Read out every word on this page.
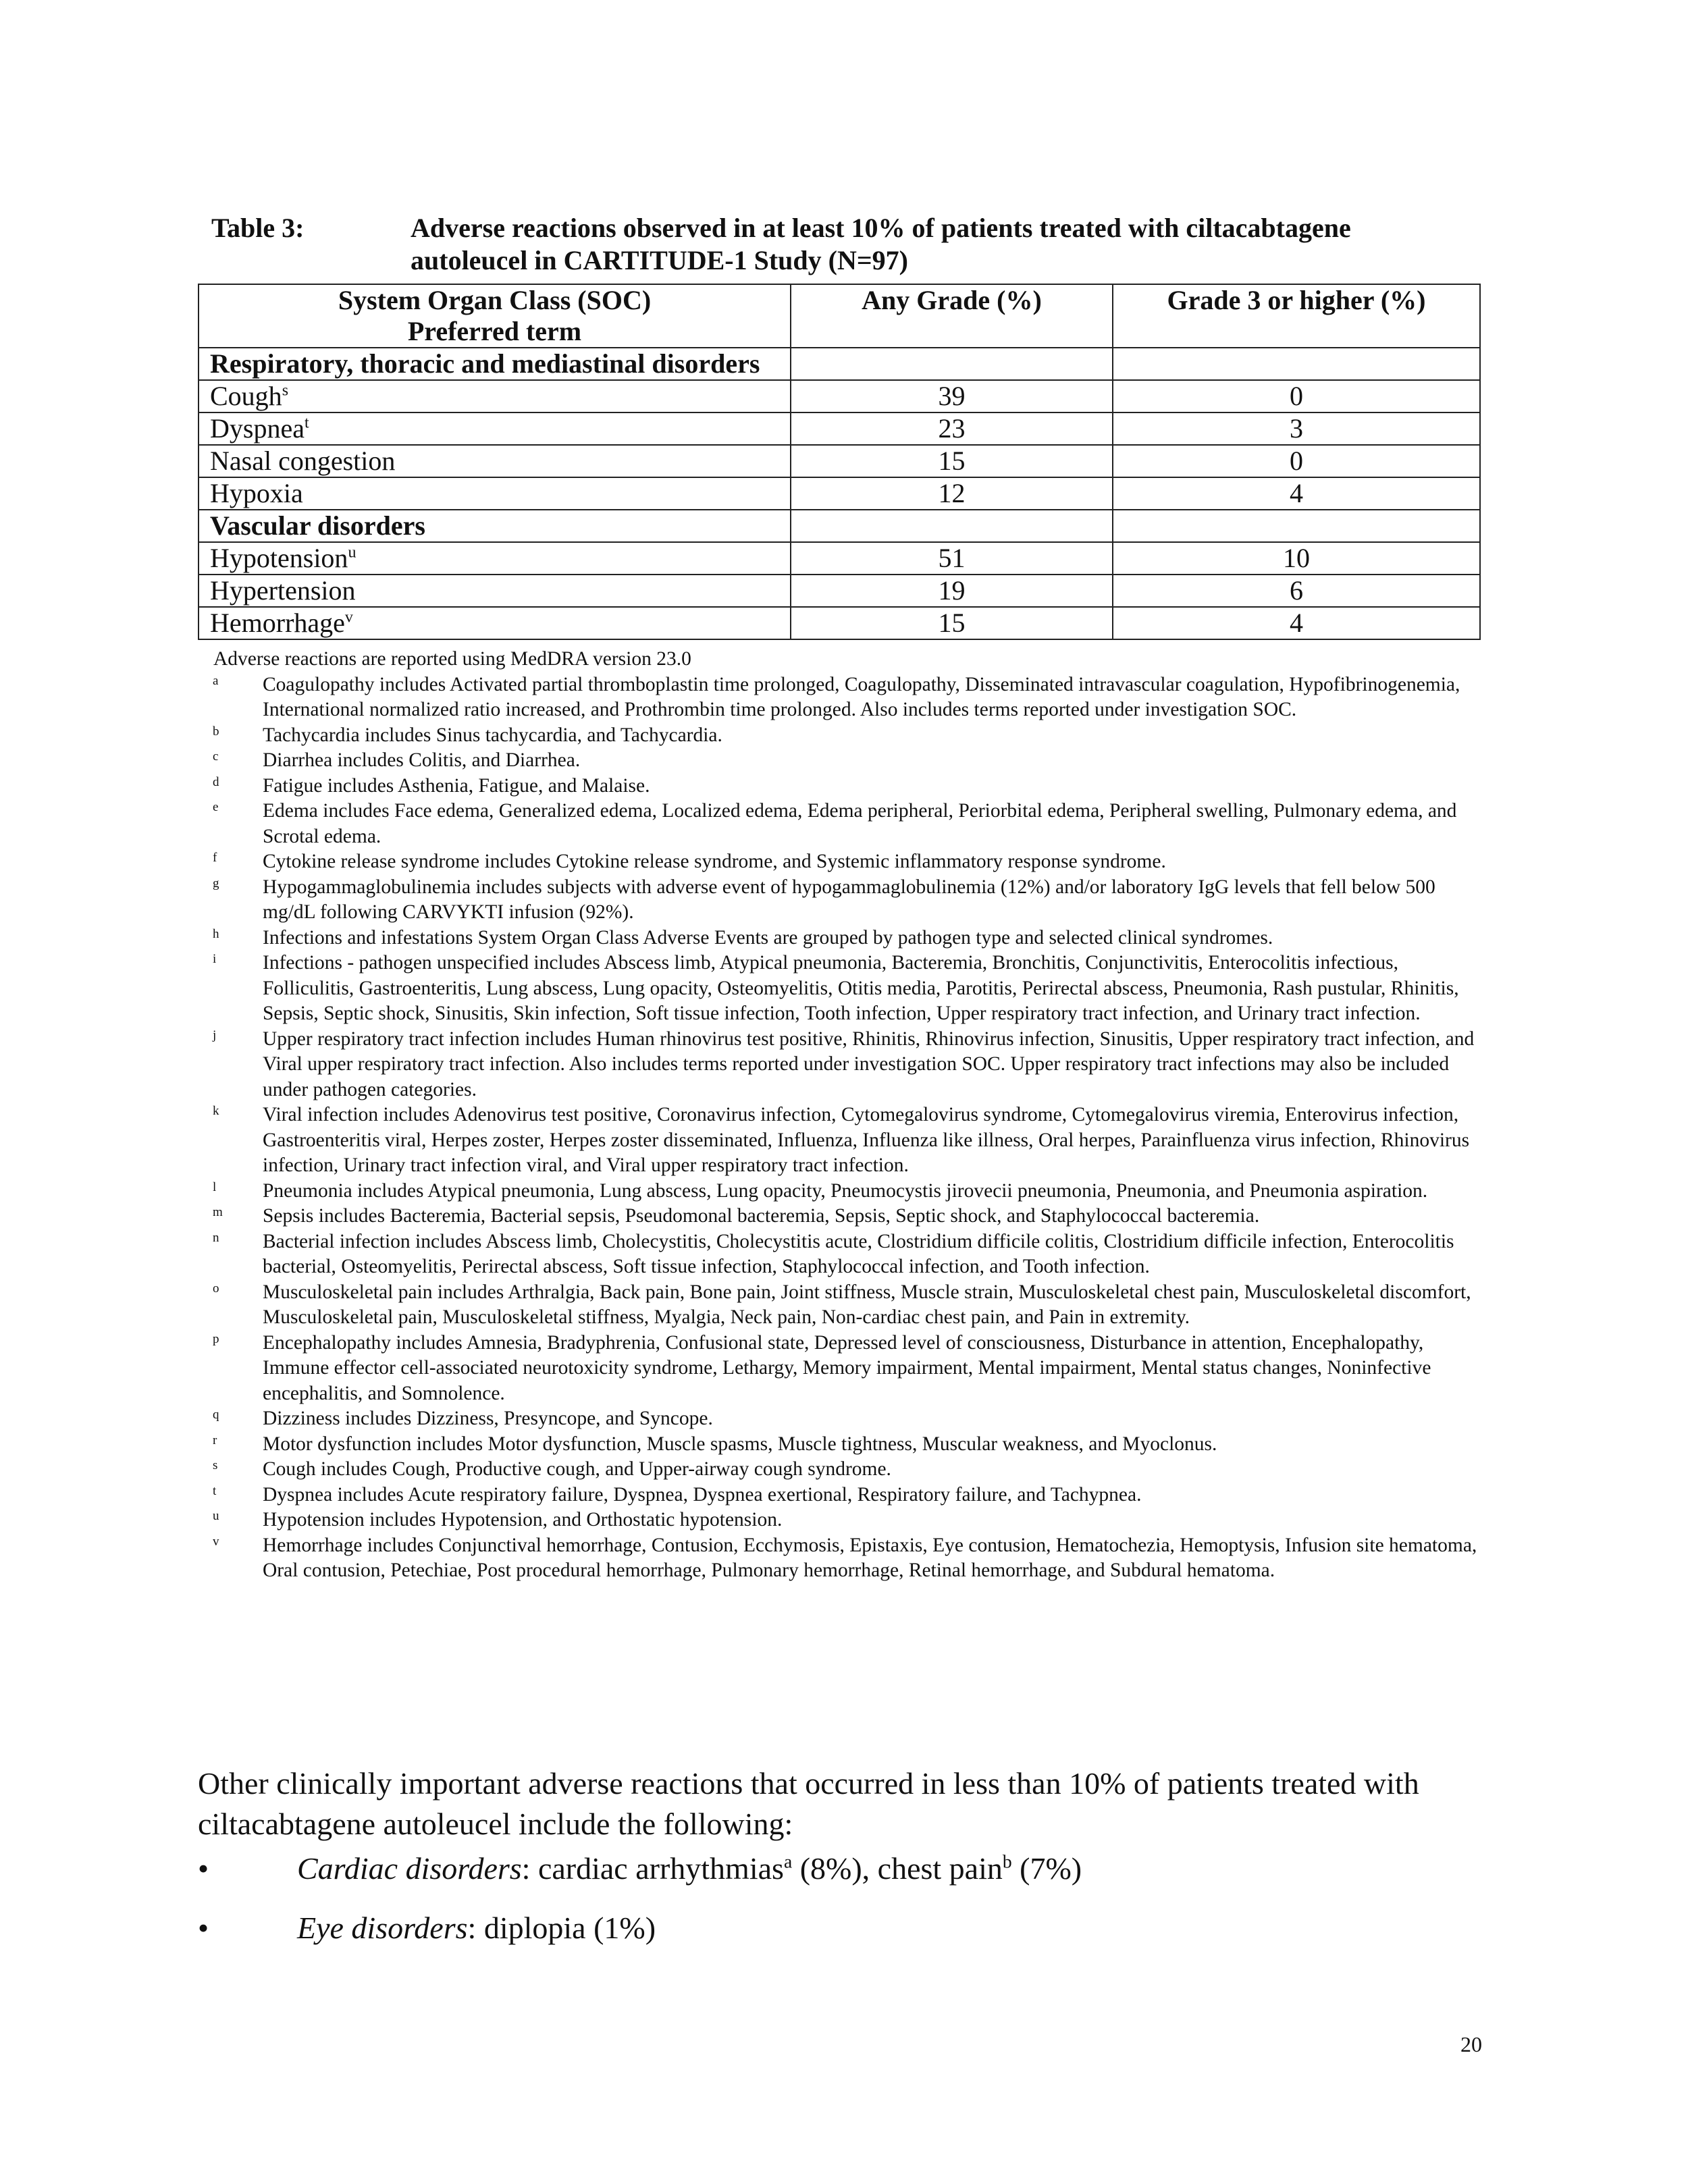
Table 3:	Adverse reactions observed in at least 10% of patients treated with ciltacabtagene autoleucel in CARTITUDE-1 Study (N=97)
System Organ Class (SOC)
Preferred term	Any Grade (%)	Grade 3 or higher (%)
Respiratory, thoracic and mediastinal disorders		
Cough$^s$	39	0
Dyspnea$^t$	23	3
Nasal congestion	15	0
Hypoxia	12	4
Vascular disorders		
Hypotension$^u$	51	10
Hypertension	19	6
Hemorrhage$^v$	15	4
Adverse reactions are reported using MedDRA version 23.0
a Coagulopathy includes Activated partial thromboplastin time prolonged, Coagulopathy, Disseminated intravascular coagulation, Hypofibrinogenemia, International normalized ratio increased, and Prothrombin time prolonged. Also includes terms reported under investigation SOC.
b Tachycardia includes Sinus tachycardia, and Tachycardia.
c Diarrhea includes Colitis, and Diarrhea.
d Fatigue includes Asthenia, Fatigue, and Malaise.
e Edema includes Face edema, Generalized edema, Localized edema, Edema peripheral, Periorbital edema, Peripheral swelling, Pulmonary edema, and Scrotal edema.
f Cytokine release syndrome includes Cytokine release syndrome, and Systemic inflammatory response syndrome.
g Hypogammaglobulinemia includes subjects with adverse event of hypogammaglobulinemia (12%) and/or laboratory IgG levels that fell below 500 mg/dL following CARVYKTI infusion (92%).
h Infections and infestations System Organ Class Adverse Events are grouped by pathogen type and selected clinical syndromes.
i Infections - pathogen unspecified includes Abscess limb, Atypical pneumonia, Bacteremia, Bronchitis, Conjunctivitis, Enterocolitis infectious, Folliculitis, Gastroenteritis, Lung abscess, Lung opacity, Osteomyelitis, Otitis media, Parotitis, Perirectal abscess, Pneumonia, Rash pustular, Rhinitis, Sepsis, Septic shock, Sinusitis, Skin infection, Soft tissue infection, Tooth infection, Upper respiratory tract infection, and Urinary tract infection.
j Upper respiratory tract infection includes Human rhinovirus test positive, Rhinitis, Rhinovirus infection, Sinusitis, Upper respiratory tract infection, and Viral upper respiratory tract infection. Also includes terms reported under investigation SOC. Upper respiratory tract infections may also be included under pathogen categories.
k Viral infection includes Adenovirus test positive, Coronavirus infection, Cytomegalovirus syndrome, Cytomegalovirus viremia, Enterovirus infection, Gastroenteritis viral, Herpes zoster, Herpes zoster disseminated, Influenza, Influenza like illness, Oral herpes, Parainfluenza virus infection, Rhinovirus infection, Urinary tract infection viral, and Viral upper respiratory tract infection.
l Pneumonia includes Atypical pneumonia, Lung abscess, Lung opacity, Pneumocystis jirovecii pneumonia, Pneumonia, and Pneumonia aspiration.
m Sepsis includes Bacteremia, Bacterial sepsis, Pseudomonal bacteremia, Sepsis, Septic shock, and Staphylococcal bacteremia.
n Bacterial infection includes Abscess limb, Cholecystitis, Cholecystitis acute, Clostridium difficile colitis, Clostridium difficile infection, Enterocolitis bacterial, Osteomyelitis, Perirectal abscess, Soft tissue infection, Staphylococcal infection, and Tooth infection.
o Musculoskeletal pain includes Arthralgia, Back pain, Bone pain, Joint stiffness, Muscle strain, Musculoskeletal chest pain, Musculoskeletal discomfort, Musculoskeletal pain, Musculoskeletal stiffness, Myalgia, Neck pain, Non-cardiac chest pain, and Pain in extremity.
p Encephalopathy includes Amnesia, Bradyphrenia, Confusional state, Depressed level of consciousness, Disturbance in attention, Encephalopathy, Immune effector cell-associated neurotoxicity syndrome, Lethargy, Memory impairment, Mental impairment, Mental status changes, Noninfective encephalitis, and Somnolence.
q Dizziness includes Dizziness, Presyncope, and Syncope.
r Motor dysfunction includes Motor dysfunction, Muscle spasms, Muscle tightness, Muscular weakness, and Myoclonus.
s Cough includes Cough, Productive cough, and Upper-airway cough syndrome.
t Dyspnea includes Acute respiratory failure, Dyspnea, Dyspnea exertional, Respiratory failure, and Tachypnea.
u Hypotension includes Hypotension, and Orthostatic hypotension.
v Hemorrhage includes Conjunctival hemorrhage, Contusion, Ecchymosis, Epistaxis, Eye contusion, Hematochezia, Hemoptysis, Infusion site hematoma, Oral contusion, Petechiae, Post procedural hemorrhage, Pulmonary hemorrhage, Retinal hemorrhage, and Subdural hematoma.
Other clinically important adverse reactions that occurred in less than 10% of patients treated with ciltacabtagene autoleucel include the following:
•	Cardiac disorders: cardiac arrhythmias$^a$ (8%), chest pain$^b$ (7%)
•	Eye disorders: diplopia (1%)
20
